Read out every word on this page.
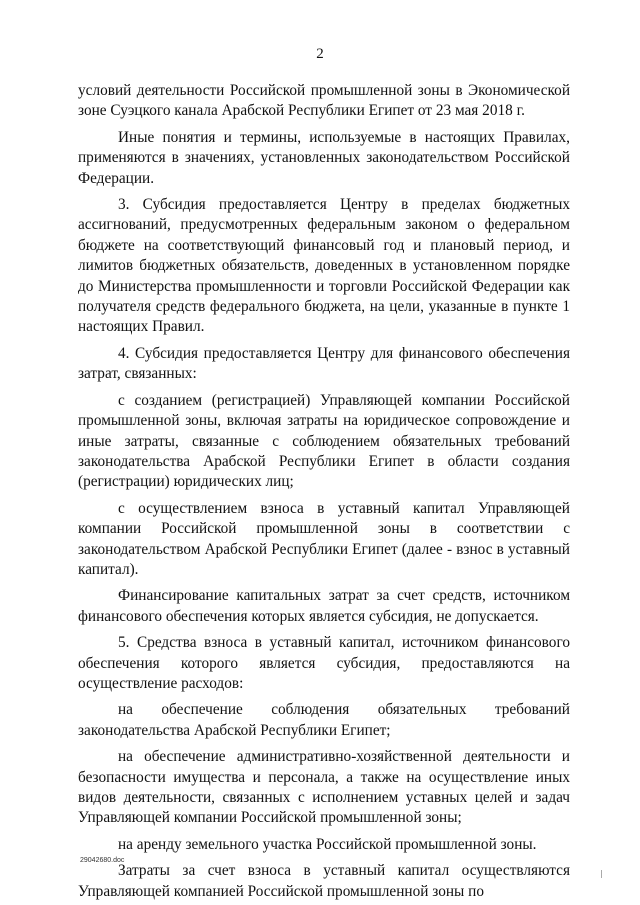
2

условий деятельности Российской промышленной зоны в Экономической зоне Суэцкого канала Арабской Республики Египет от 23 мая 2018 г.

Иные понятия и термины, используемые в настоящих Правилах, применяются в значениях, установленных законодательством Российской Федерации.

3. Субсидия предоставляется Центру в пределах бюджетных ассигнований, предусмотренных федеральным законом о федеральном бюджете на соответствующий финансовый год и плановый период, и лимитов бюджетных обязательств, доведенных в установленном порядке до Министерства промышленности и торговли Российской Федерации как получателя средств федерального бюджета, на цели, указанные в пункте 1 настоящих Правил.

4. Субсидия предоставляется Центру для финансового обеспечения затрат, связанных:

с созданием (регистрацией) Управляющей компании Российской промышленной зоны, включая затраты на юридическое сопровождение и иные затраты, связанные с соблюдением обязательных требований законодательства Арабской Республики Египет в области создания (регистрации) юридических лиц;

с осуществлением взноса в уставный капитал Управляющей компании Российской промышленной зоны в соответствии с законодательством Арабской Республики Египет (далее - взнос в уставный капитал).

Финансирование капитальных затрат за счет средств, источником финансового обеспечения которых является субсидия, не допускается.

5. Средства взноса в уставный капитал, источником финансового обеспечения которого является субсидия, предоставляются на осуществление расходов:

на обеспечение соблюдения обязательных требований законодательства Арабской Республики Египет;

на обеспечение административно-хозяйственной деятельности и безопасности имущества и персонала, а также на осуществление иных видов деятельности, связанных с исполнением уставных целей и задач Управляющей компании Российской промышленной зоны;

на аренду земельного участка Российской промышленной зоны.

Затраты за счет взноса в уставный капитал осуществляются Управляющей компанией Российской промышленной зоны по

29042680.doc
